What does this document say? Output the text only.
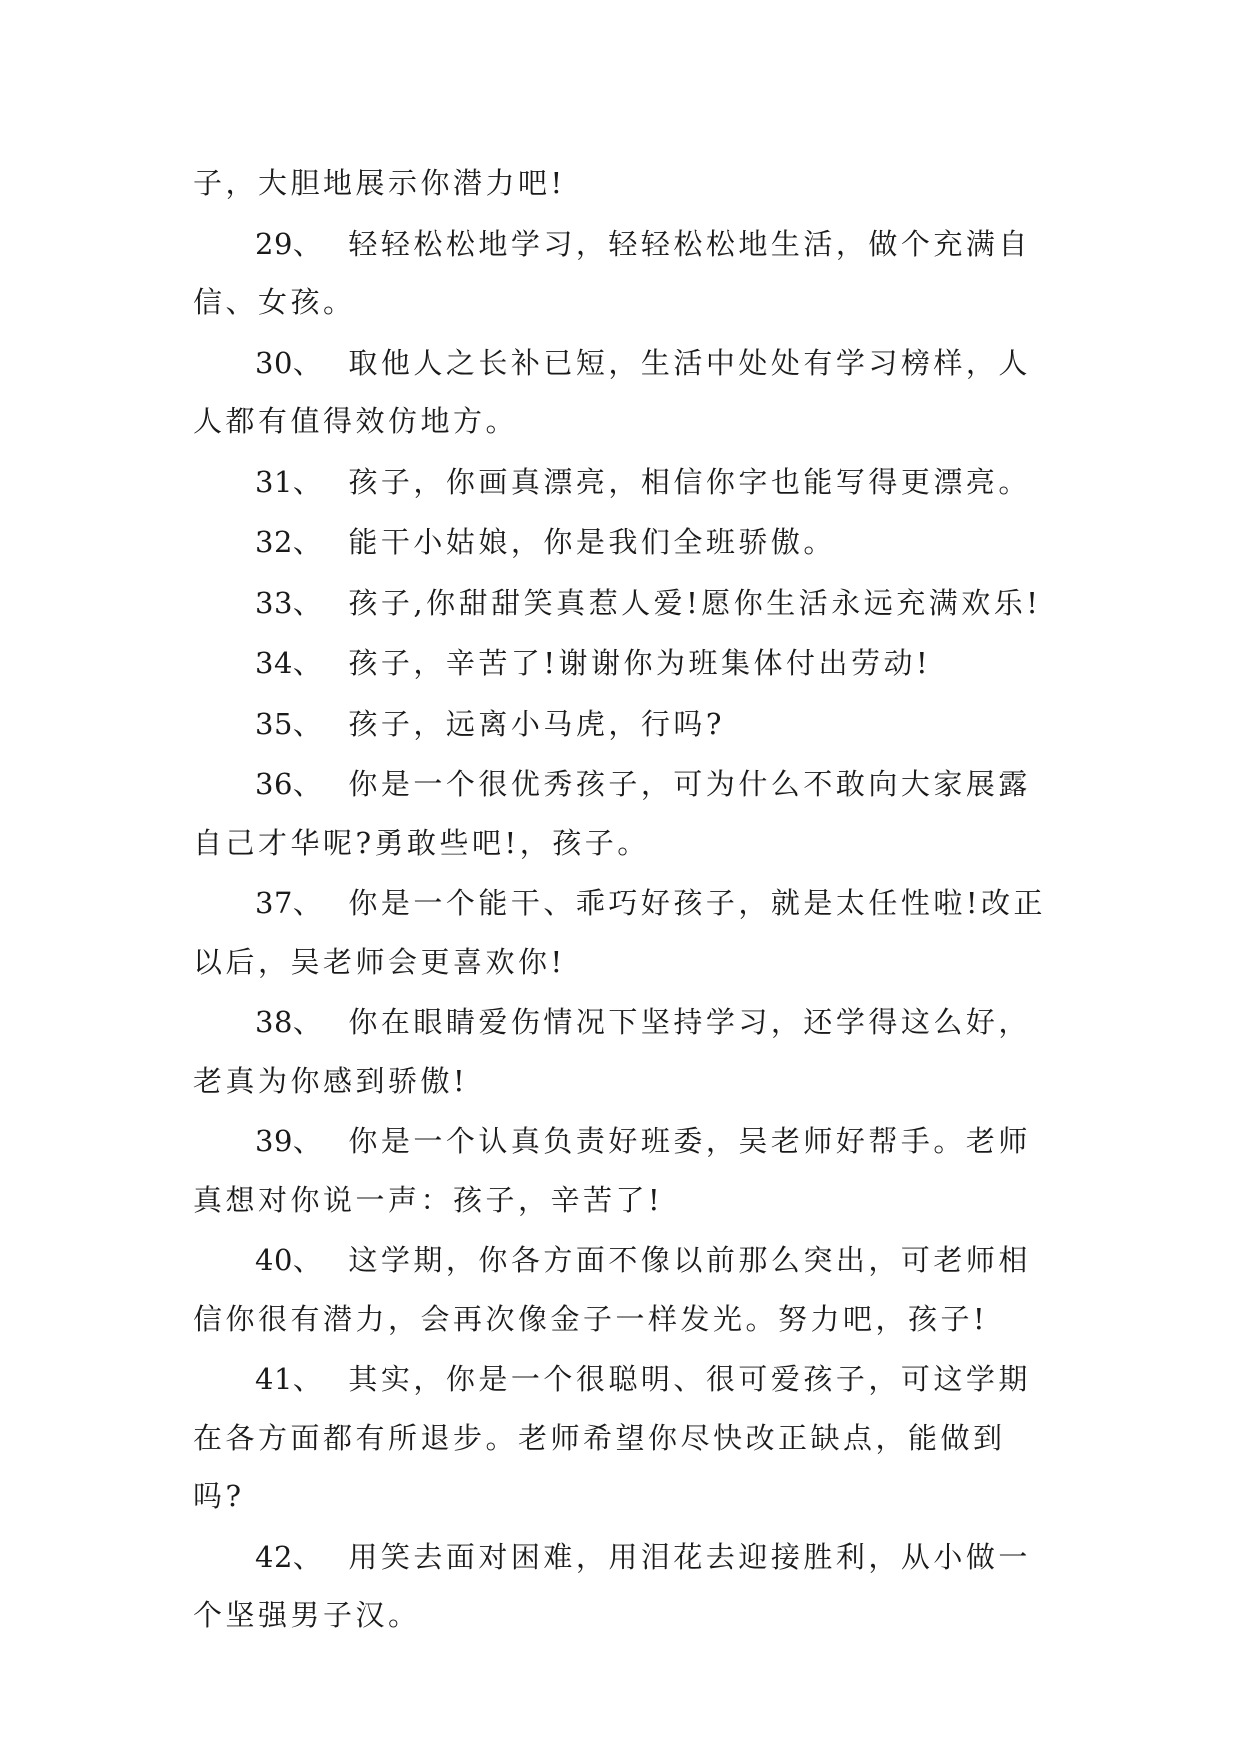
子，大胆地展示你潜力吧!

29、 轻轻松松地学习，轻轻松松地生活，做个充满自信、女孩。

30、 取他人之长补已短，生活中处处有学习榜样，人人都有值得效仿地方。

31、 孩子，你画真漂亮，相信你字也能写得更漂亮。

32、 能干小姑娘，你是我们全班骄傲。

33、 孩子,你甜甜笑真惹人爱!愿你生活永远充满欢乐!

34、 孩子，辛苦了!谢谢你为班集体付出劳动!

35、 孩子，远离小马虎，行吗?

36、 你是一个很优秀孩子，可为什么不敢向大家展露自己才华呢?勇敢些吧!，孩子。

37、 你是一个能干、乖巧好孩子，就是太任性啦!改正以后，吴老师会更喜欢你!

38、 你在眼睛爱伤情况下坚持学习，还学得这么好，老真为你感到骄傲!

39、 你是一个认真负责好班委，吴老师好帮手。老师真想对你说一声：孩子，辛苦了!

40、 这学期，你各方面不像以前那么突出，可老师相信你很有潜力，会再次像金子一样发光。努力吧，孩子!

41、 其实，你是一个很聪明、很可爱孩子，可这学期在各方面都有所退步。老师希望你尽快改正缺点，能做到吗?

42、 用笑去面对困难，用泪花去迎接胜利，从小做一个坚强男子汉。
